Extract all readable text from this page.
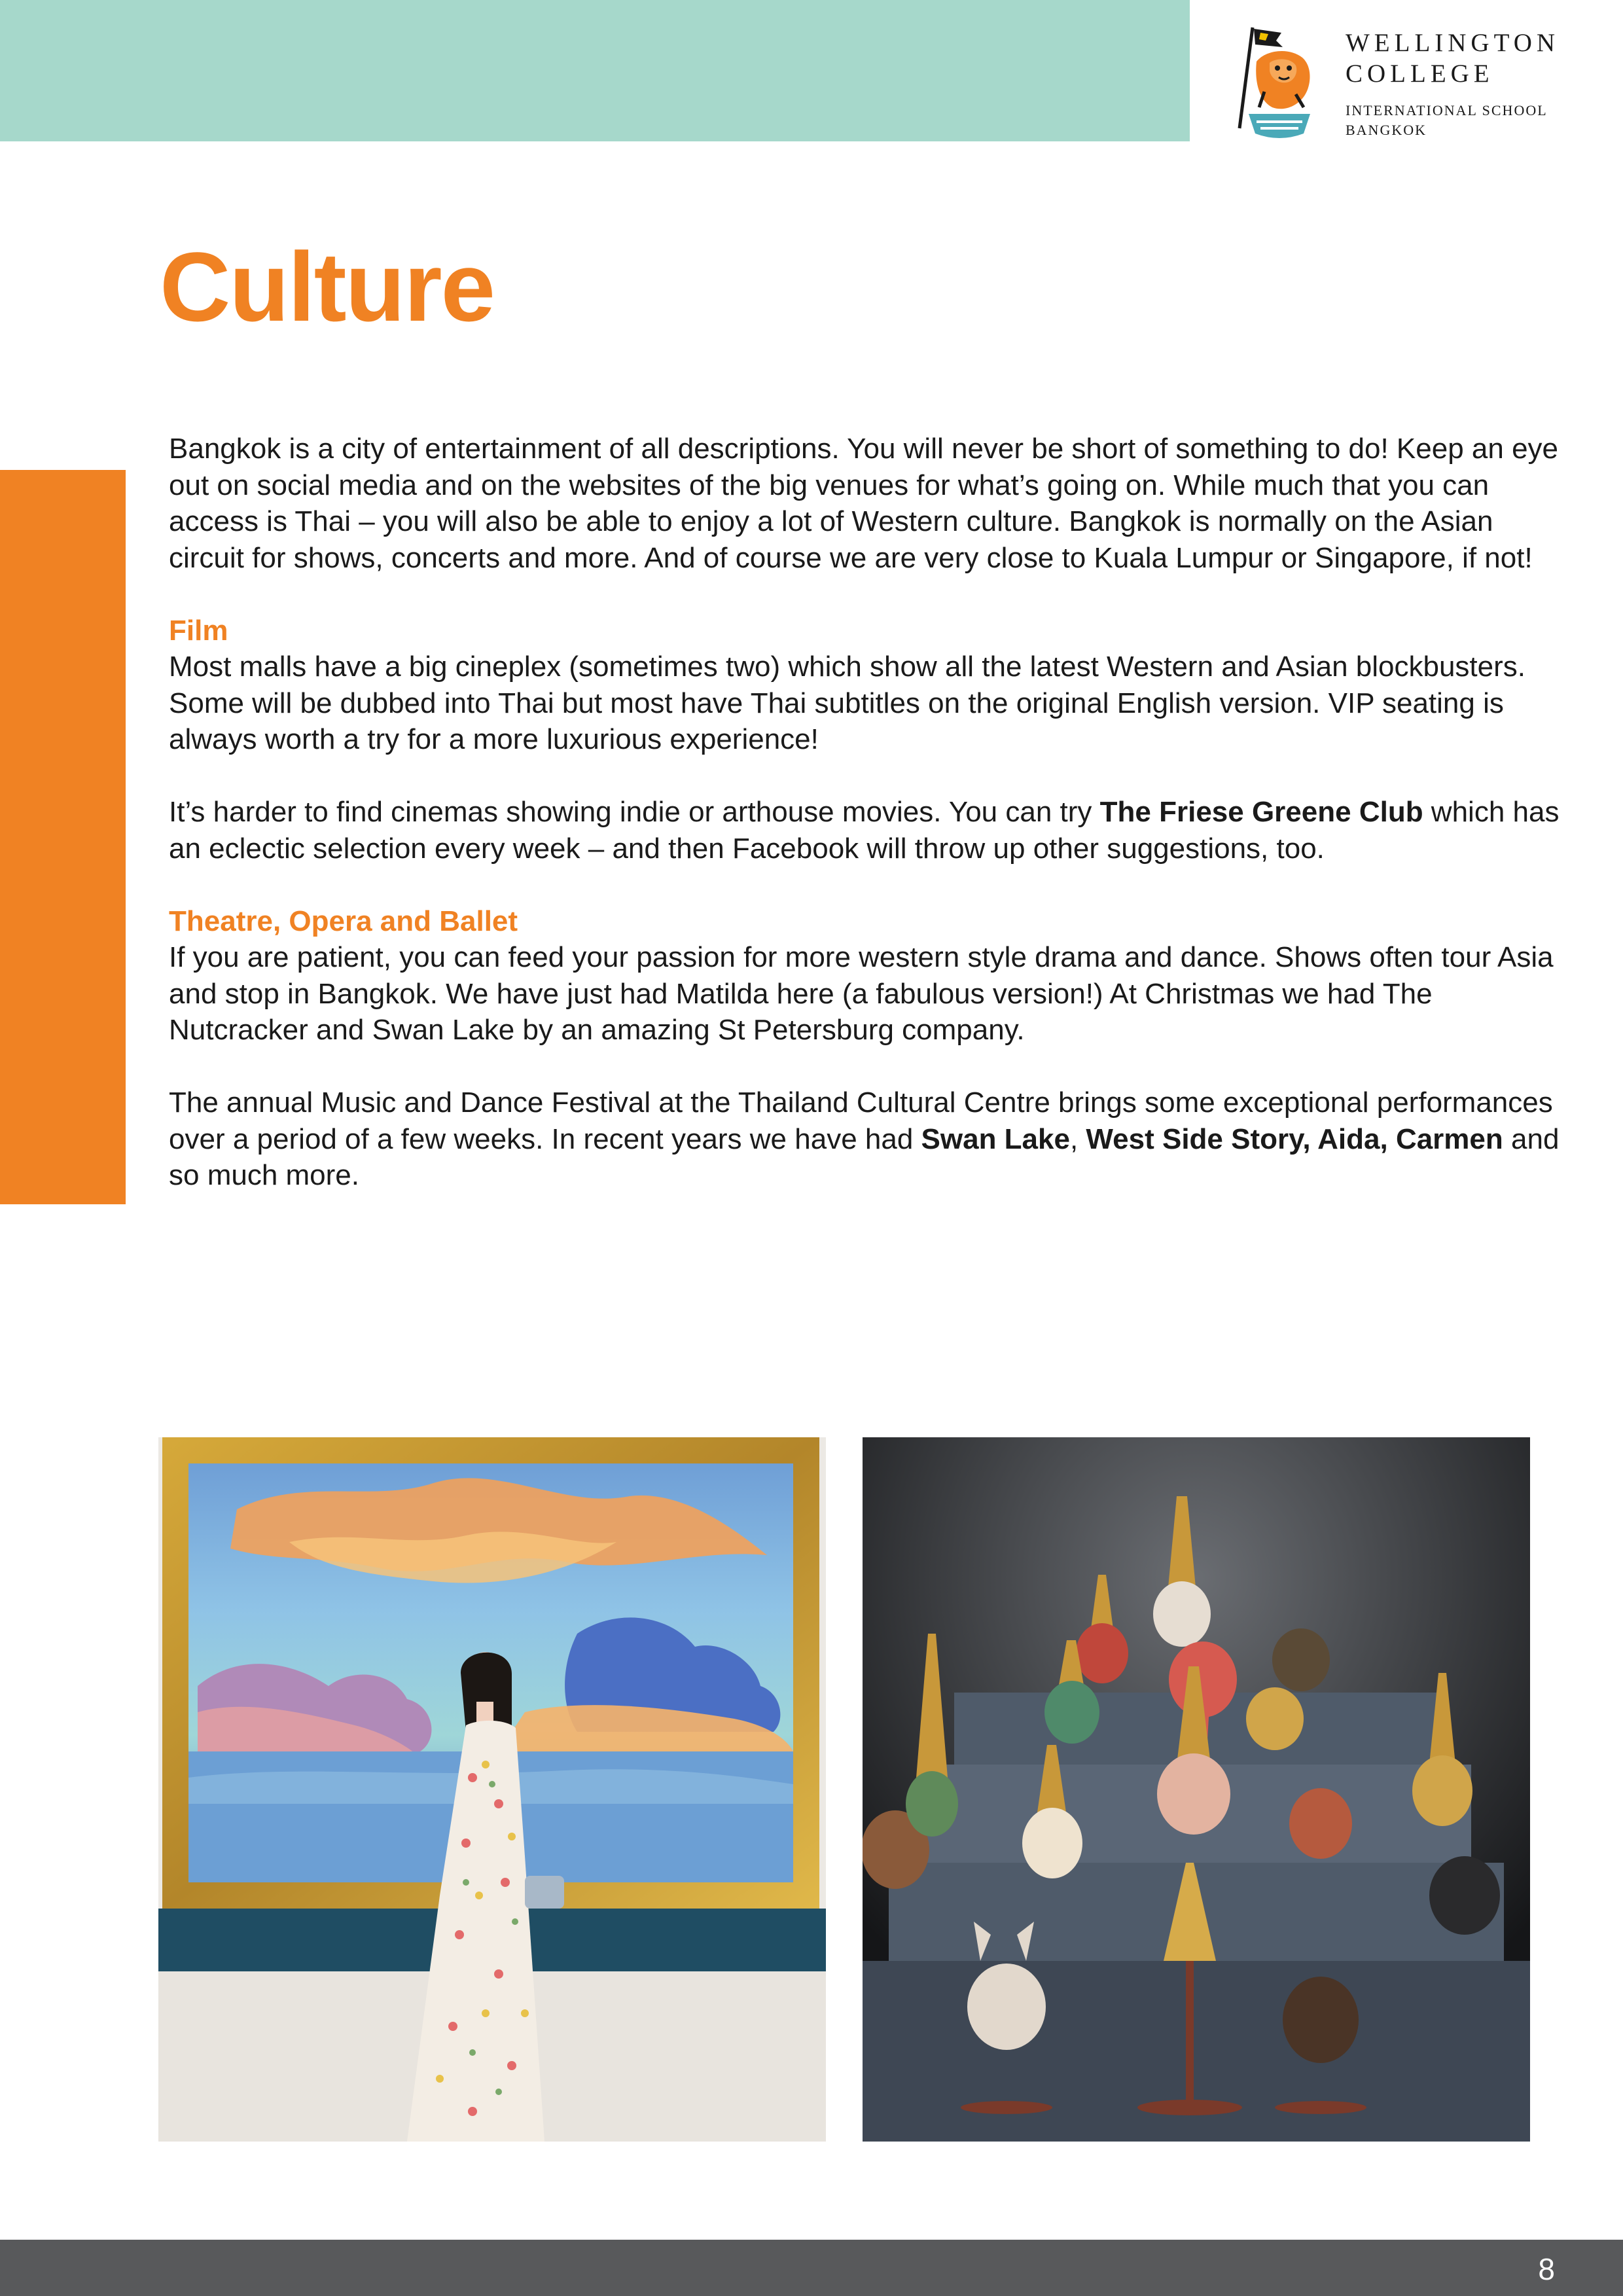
WELLINGTON
COLLEGE
INTERNATIONAL SCHOOL
BANGKOK
Culture

Bangkok is a city of entertainment of all descriptions. You will never be short of something to do! Keep an eye out on social media and on the websites of the big venues for what’s going on. While much that you can access is Thai – you will also be able to enjoy a lot of Western culture. Bangkok is normally on the Asian circuit for shows, concerts and more. And of course we are very close to Kuala Lumpur or Singapore, if not!

Film
Most malls have a big cineplex (sometimes two) which show all the latest Western and Asian blockbusters. Some will be dubbed into Thai but most have Thai subtitles on the original English version. VIP seating is always worth a try for a more luxurious experience!

It’s harder to find cinemas showing indie or arthouse movies. You can try The Friese Greene Club which has an eclectic selection every week – and then Facebook will throw up other suggestions, too.

Theatre, Opera and Ballet
If you are patient, you can feed your passion for more western style drama and dance. Shows often tour Asia and stop in Bangkok. We have just had Matilda here (a fabulous version!) At Christmas we had The Nutcracker and Swan Lake by an amazing St Petersburg company.

The annual Music and Dance Festival at the Thailand Cultural Centre brings some exceptional performances over a period of a few weeks. In recent years we have had Swan Lake, West Side Story, Aida, Carmen and so much more.

8
